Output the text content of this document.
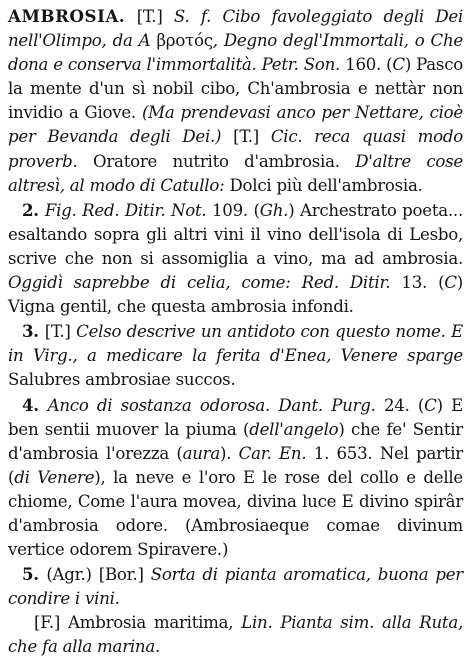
AMBROSIA. [T.] S. f. Cibo favoleggiato degli Dei nell'Olimpo, da A βροτός, Degno degl'Immortali, o Che dona e conserva l'immortalità. Petr. Son. 160. (C) Pasco la mente d'un sì nobil cibo, Ch'ambrosia e nettàr non invidio a Giove. (Ma prendevasi anco per Nettare, cioè per Bevanda degli Dei.) [T.] Cic. reca quasi modo proverb. Oratore nutrito d'ambrosia. D'altre cose altresì, al modo di Catullo: Dolci più dell'ambrosia.

2. Fig. Red. Ditir. Not. 109. (Gh.) Archestrato poeta... esaltando sopra gli altri vini il vino dell'isola di Lesbo, scrive che non si assomiglia a vino, ma ad ambrosia. Oggidì saprebbe di celia, come: Red. Ditir. 13. (C) Vigna gentil, che questa ambrosia infondi.

3. [T.] Celso descrive un antidoto con questo nome. E in Virg., a medicare la ferita d'Enea, Venere sparge Salubres ambrosiae succos.

4. Anco di sostanza odorosa. Dant. Purg. 24. (C) E ben sentii muover la piuma (dell'angelo) che fe' Sentir d'ambrosia l'orezza (aura). Car. En. 1. 653. Nel partir (di Venere), la neve e l'oro E le rose del collo e delle chiome, Come l'aura movea, divina luce E divino spirâr d'ambrosia odore. (Ambrosiaeque comae divinum vertice odorem Spiravere.)

5. (Agr.) [Bor.] Sorta di pianta aromatica, buona per condire i vini.

[F.] Ambrosia maritima, Lin. Pianta sim. alla Ruta, che fa alla marina.
